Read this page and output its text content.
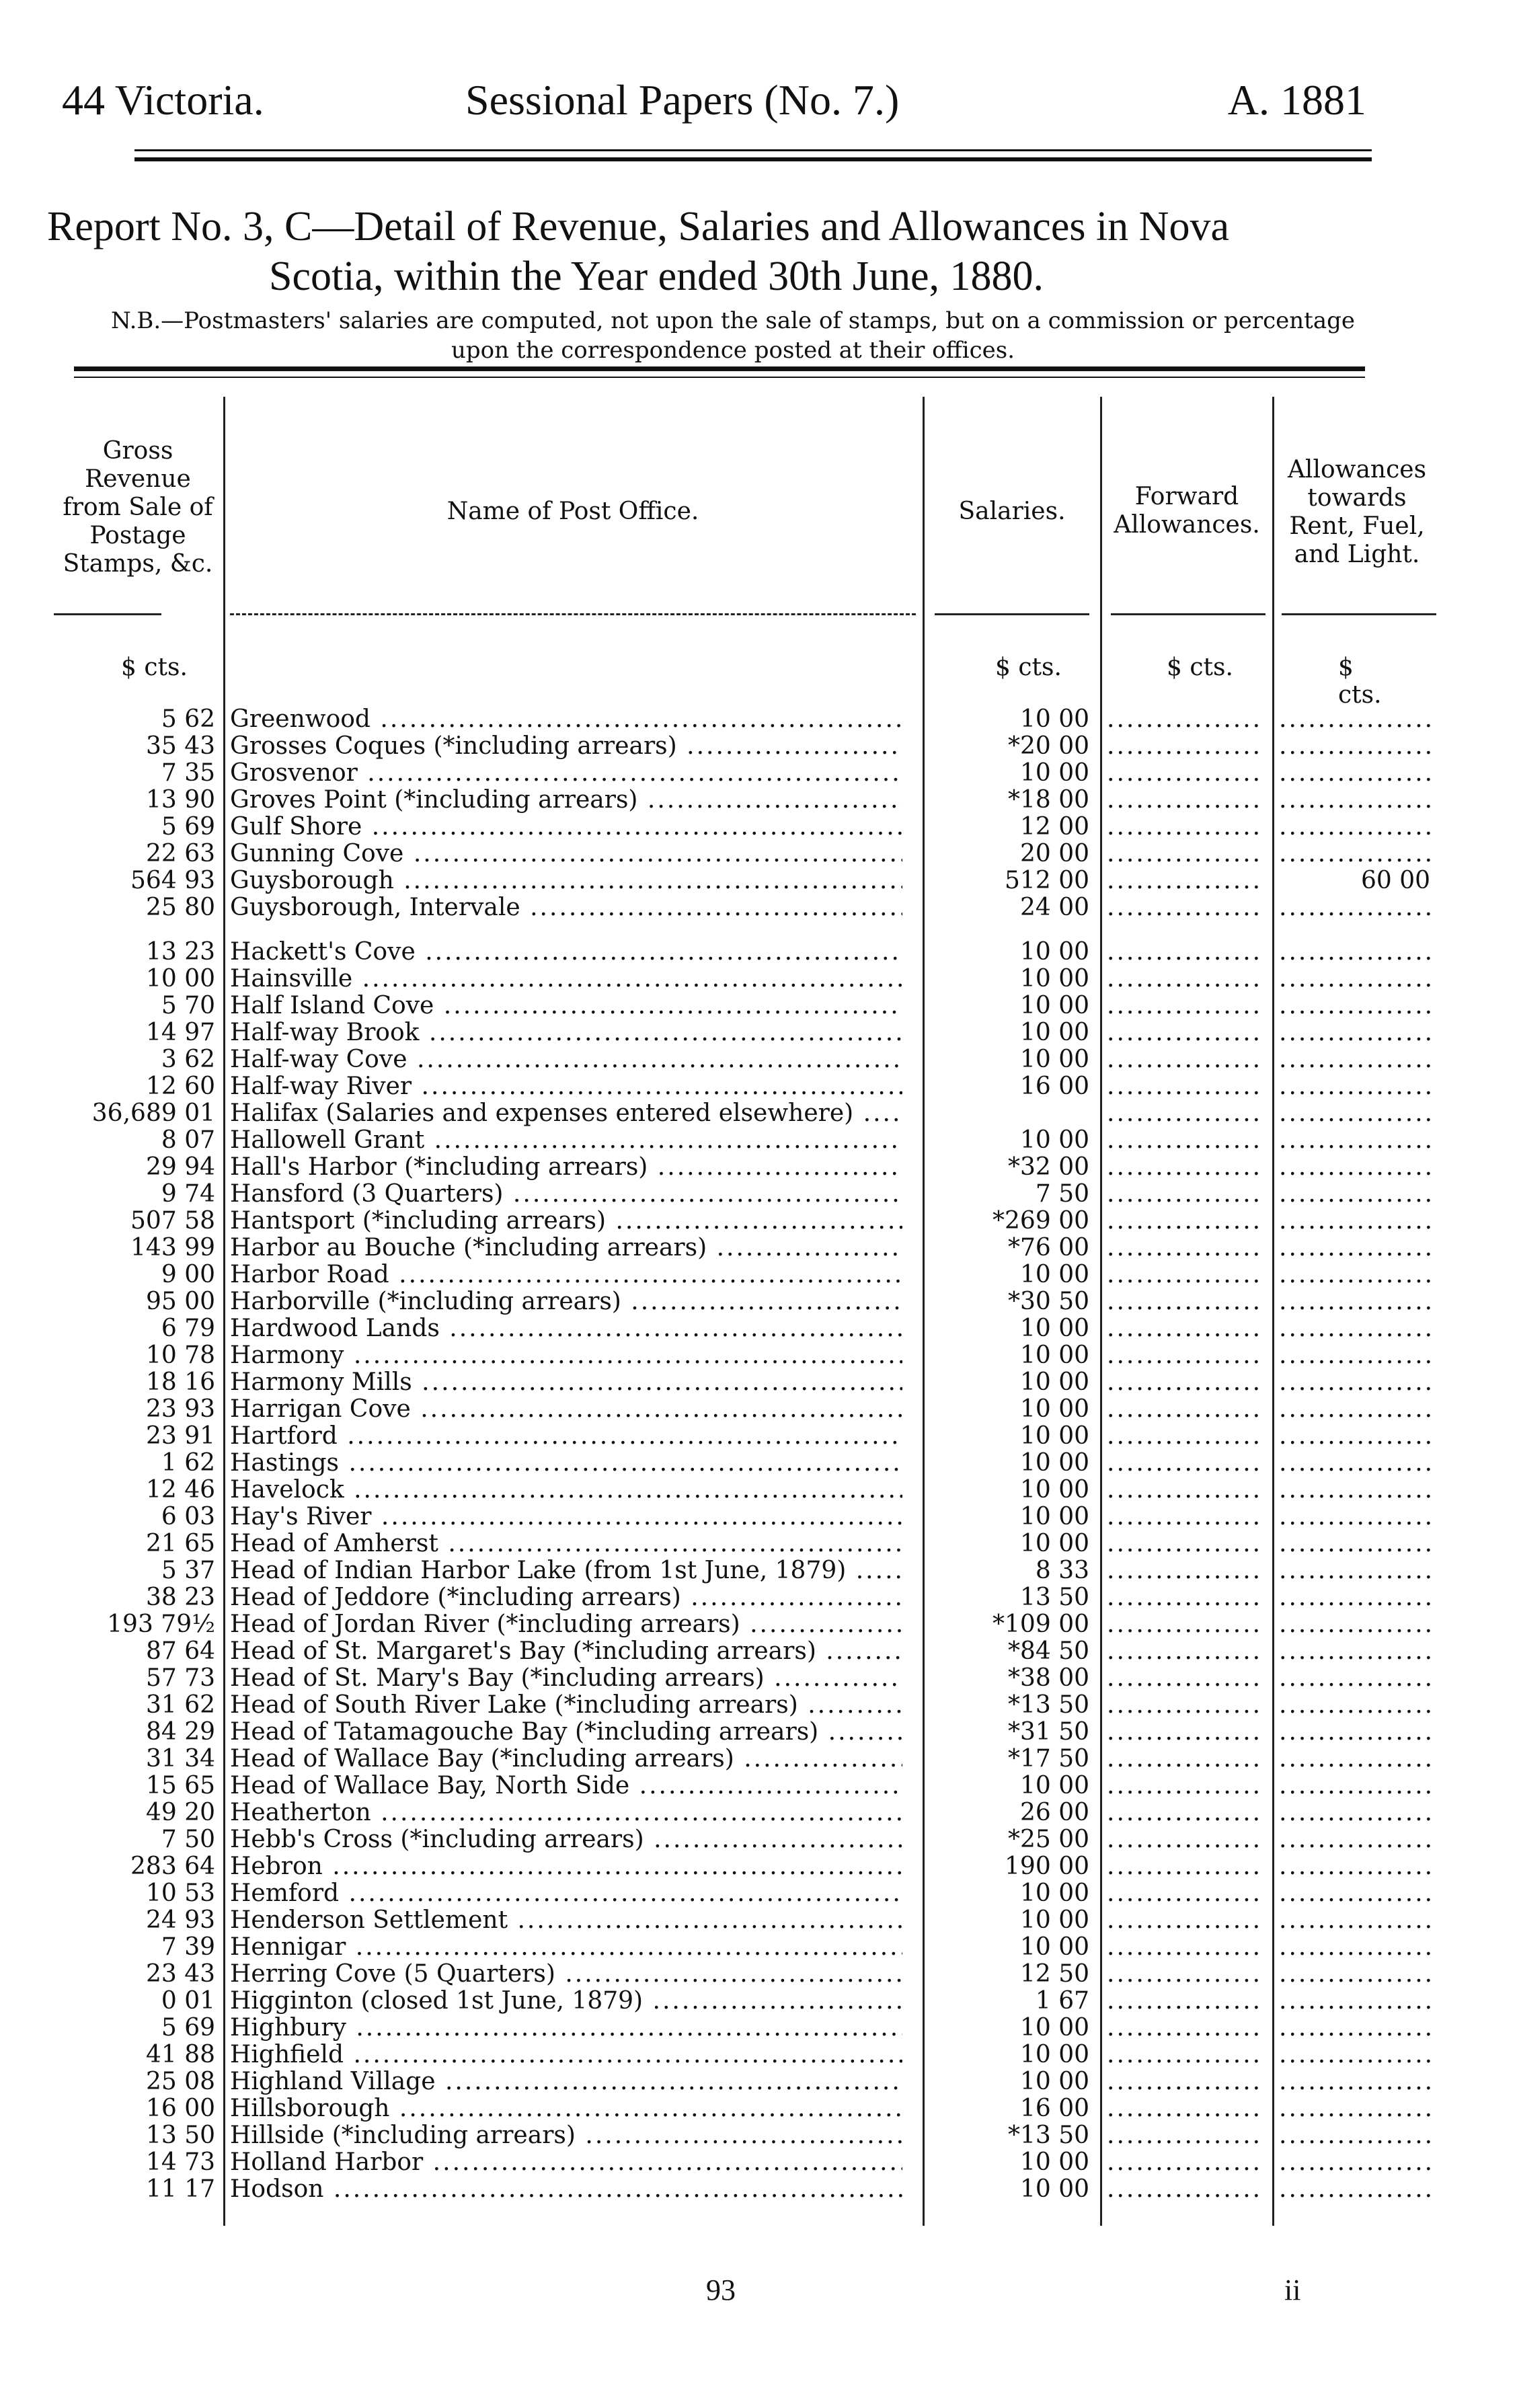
44 Victoria.	Sessional Papers (No. 7.)	A. 1881
Report No. 3, C—Detail of Revenue, Salaries and Allowances in Nova
Scotia, within the Year ended 30th June, 1880.
N.B.—Postmasters' salaries are computed, not upon the sale of stamps, but on a commission or percentage upon the correspondence posted at their offices.
Gross Revenue from Sale of Postage Stamps, &c.
Name of Post Office.	Salaries.
Forward Allowances.
Allowances towards Rent, Fuel, and Light.
$ cts.	$ cts.	$ cts.	$ cts.
5 62 Greenwood .....	10 00
.....
.....
35 43 Grosses Coques (*including arrears) .....	*20 00
.....
.....
7 35 Grosvenor .....	10 00
.....
.....
13 90 Groves Point (*including arrears) .....	*18 00
.....
.....
5 69 Gulf Shore .....	12 00
.....
.....
22 63 Gunning Cove .....	20 00
.....
.....
564 93 Guysborough .....	512 00
.....	60 00
25 80 Guysborough, Intervale .....	24 00
.....
.....
13 23 Hackett's Cove .....	10 00
.....
.....
10 00 Hainsville .....	10 00
.....
.....
5 70 Half Island Cove .....	10 00
.....
.....
14 97 Half-way Brook .....	10 00
.....
.....
3 62 Half-way Cove .....	10 00
.....
.....
12 60 Half-way River .....	16 00
.....
.....
36,689 01 Halifax (Salaries and expenses entered elsewhere) .....
.....
.....
8 07 Hallowell Grant .....	10 00
.....
.....
29 94 Hall's Harbor (*including arrears) .....	*32 00
.....
.....
9 74 Hansford (3 Quarters) .....	7 50
.....
.....
507 58 Hantsport (*including arrears) .....	*269 00
.....
.....
143 99 Harbor au Bouche (*including arrears) .....	*76 00
.....
.....
9 00 Harbor Road .....	10 00
.....
.....
95 00 Harborville (*including arrears) .....	*30 50
.....
.....
6 79 Hardwood Lands .....	10 00
.....
.....
10 78 Harmony .....	10 00
.....
.....
18 16 Harmony Mills .....	10 00
.....
.....
23 93 Harrigan Cove .....	10 00
.....
.....
23 91 Hartford .....	10 00
.....
.....
1 62 Hastings .....	10 00
.....
.....
12 46 Havelock .....	10 00
.....
.....
6 03 Hay's River .....	10 00
.....
.....
21 65 Head of Amherst .....	10 00
.....
.....
5 37 Head of Indian Harbor Lake (from 1st June, 1879) .....	8 33
.....
.....
38 23 Head of Jeddore (*including arrears) .....	13 50
.....
.....
193 79½ Head of Jordan River (*including arrears) .....	*109 00
.....
.....
87 64 Head of St. Margaret's Bay (*including arrears) .....	*84 50
.....
.....
57 73 Head of St. Mary's Bay (*including arrears) .....	*38 00
.....
.....
31 62 Head of South River Lake (*including arrears) .....	*13 50
.....
.....
84 29 Head of Tatamagouche Bay (*including arrears) .....	*31 50
.....
.....
31 34 Head of Wallace Bay (*including arrears) .....	*17 50
.....
.....
15 65 Head of Wallace Bay, North Side .....	10 00
.....
.....
49 20 Heatherton .....	26 00
.....
.....
7 50 Hebb's Cross (*including arrears) .....	*25 00
.....
.....
283 64 Hebron .....	190 00
.....
.....
10 53 Hemford .....	10 00
.....
.....
24 93 Henderson Settlement .....	10 00
.....
.....
7 39 Hennigar .....	10 00
.....
.....
23 43 Herring Cove (5 Quarters) .....	12 50
.....
.....
0 01 Higginton (closed 1st June, 1879) .....	1 67
.....
.....
5 69 Highbury .....	10 00
.....
.....
41 88 Highfield .....	10 00
.....
.....
25 08 Highland Village .....	10 00
.....
.....
16 00 Hillsborough .....	16 00
.....
.....
13 50 Hillside (*including arrears) .....	*13 50
.....
.....
14 73 Holland Harbor .....	10 00
.....
.....
11 17 Hodson .....	10 00
.....
.....
93	ii
